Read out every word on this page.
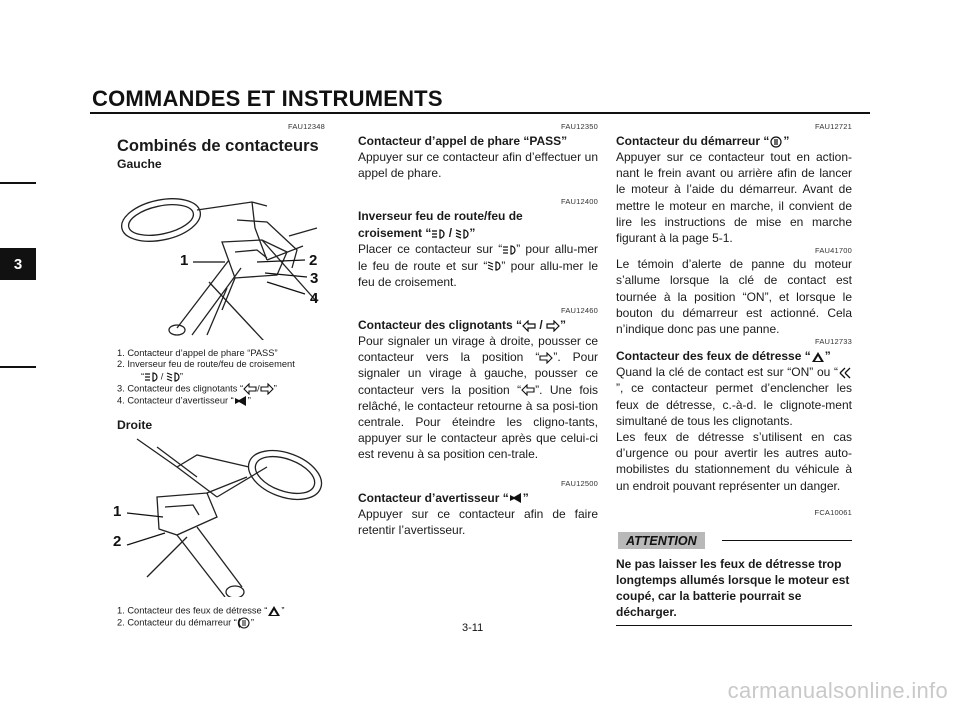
COMMANDES ET INSTRUMENTS
3
FAU12348
Combinés de contacteurs
Gauche
1	2
3
4
1. Contacteur d’appel de phare “PASS”
2. Inverseur feu de route/feu de croisement
“ / ”
3. Contacteur des clignotants “ / ”
4. Contacteur d’avertisseur “ ”
Droite
1
2
1. Contacteur des feux de détresse “ ”
2. Contacteur du démarreur “ ”
FAU12350
Contacteur d’appel de phare “PASS”
Appuyer sur ce contacteur afin d’effectuer un appel de phare.
FAU12400
Inverseur feu de route/feu de
croisement “ / ”
Placer ce contacteur sur “ ” pour allu-mer le feu de route et sur “ ” pour allu-mer le feu de croisement.
FAU12460
Contacteur des clignotants “ / ”
Pour signaler un virage à droite, pousser ce contacteur vers la position “ ”. Pour signaler un virage à gauche, pousser ce contacteur vers la position “ ”. Une fois relâché, le contacteur retourne à sa posi-tion centrale. Pour éteindre les cligno-tants, appuyer sur le contacteur après que celui-ci est revenu à sa position cen-trale.
FAU12500
Contacteur d’avertisseur “ ”
Appuyer sur ce contacteur afin de faire retentir l’avertisseur.
FAU12721
Contacteur du démarreur “ ”
Appuyer sur ce contacteur tout en action-nant le frein avant ou arrière afin de lancer le moteur à l’aide du démarreur. Avant de mettre le moteur en marche, il convient de lire les instructions de mise en marche figurant à la page 5-1.
FAU41700
Le témoin d’alerte de panne du moteur s’allume lorsque la clé de contact est tournée à la position “ON”, et lorsque le bouton du démarreur est actionné. Cela n’indique donc pas une panne.
FAU12733
Contacteur des feux de détresse “ ”
Quand la clé de contact est sur “ON” ou “”, ce contacteur permet d’enclencher les feux de détresse, c.-à-d. le clignote-ment simultané de tous les clignotants.
Les feux de détresse s’utilisent en cas d’urgence ou pour avertir les autres auto-mobilistes du stationnement du véhicule à un endroit pouvant représenter un danger.
FCA10061
ATTENTION
Ne pas laisser les feux de détresse trop longtemps allumés lorsque le moteur est coupé, car la batterie pourrait se décharger.
3-11
carmanualsonline.info
